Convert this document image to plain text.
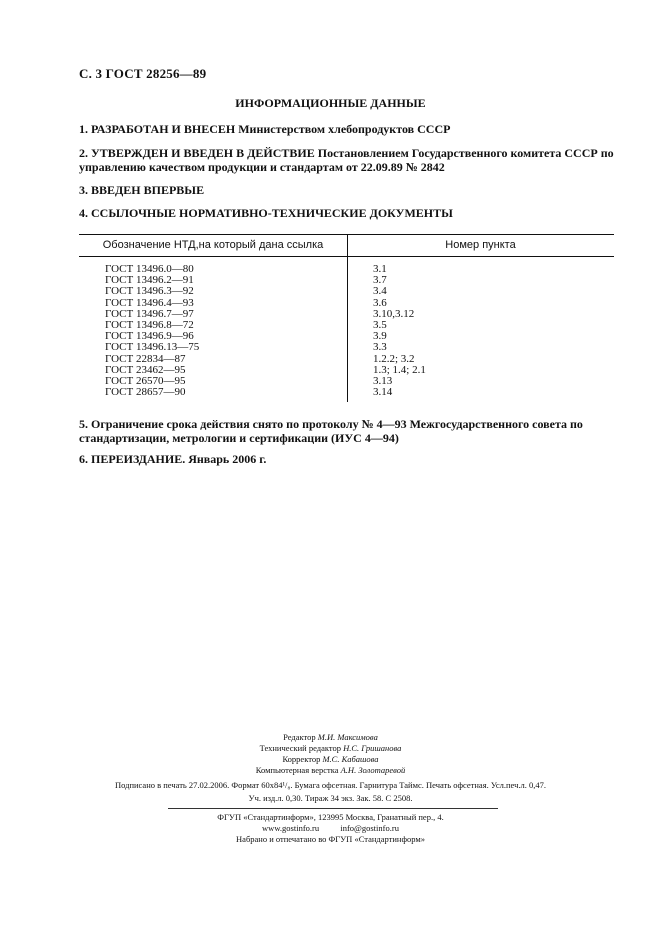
С. 3 ГОСТ 28256—89
ИНФОРМАЦИОННЫЕ ДАННЫЕ
1. РАЗРАБОТАН И ВНЕСЕН Министерством хлебопродуктов СССР
2. УТВЕРЖДЕН И ВВЕДЕН В ДЕЙСТВИЕ Постановлением Государственного комитета СССР по управлению качеством продукции и стандартам от 22.09.89 № 2842
3. ВВЕДЕН ВПЕРВЫЕ
4. ССЫЛОЧНЫЕ НОРМАТИВНО-ТЕХНИЧЕСКИЕ ДОКУМЕНТЫ
Обозначение НТД,на который дана ссылка	Номер пункта
ГОСТ 13496.0—80
ГОСТ 13496.2—91
ГОСТ 13496.3—92
ГОСТ 13496.4—93
ГОСТ 13496.7—97
ГОСТ 13496.8—72
ГОСТ 13496.9—96
ГОСТ 13496.13—75
ГОСТ 22834—87
ГОСТ 23462—95
ГОСТ 26570—95
ГОСТ 28657—90
3.1
3.7
3.4
3.6
3.10,3.12
3.5
3.9
3.3
1.2.2; 3.2
1.3; 1.4; 2.1
3.13
3.14
5. Ограничение срока действия снято по протоколу № 4—93 Межгосударственного совета по стандартизации, метрологии и сертификации (ИУС 4—94)
6. ПЕРЕИЗДАНИЕ. Январь 2006 г.
Редактор М.И. Максимова
Технический редактор Н.С. Гришанова
Корректор М.С. Кабашова
Компьютерная верстка А.Н. Золотаревой
Подписано в печать 27.02.2006. Формат 60х84¹/₈. Бумага офсетная. Гарнитура Таймс. Печать офсетная. Усл.печ.л. 0,47.
Уч. изд.л. 0,30. Тираж 34 экз. Зак. 58. С 2508.
ФГУП «Стандартинформ», 123995 Москва, Гранатный пер., 4.
www.gostinfo.ru          info@gostinfo.ru
Набрано и отпечатано во ФГУП «Стандартинформ»
